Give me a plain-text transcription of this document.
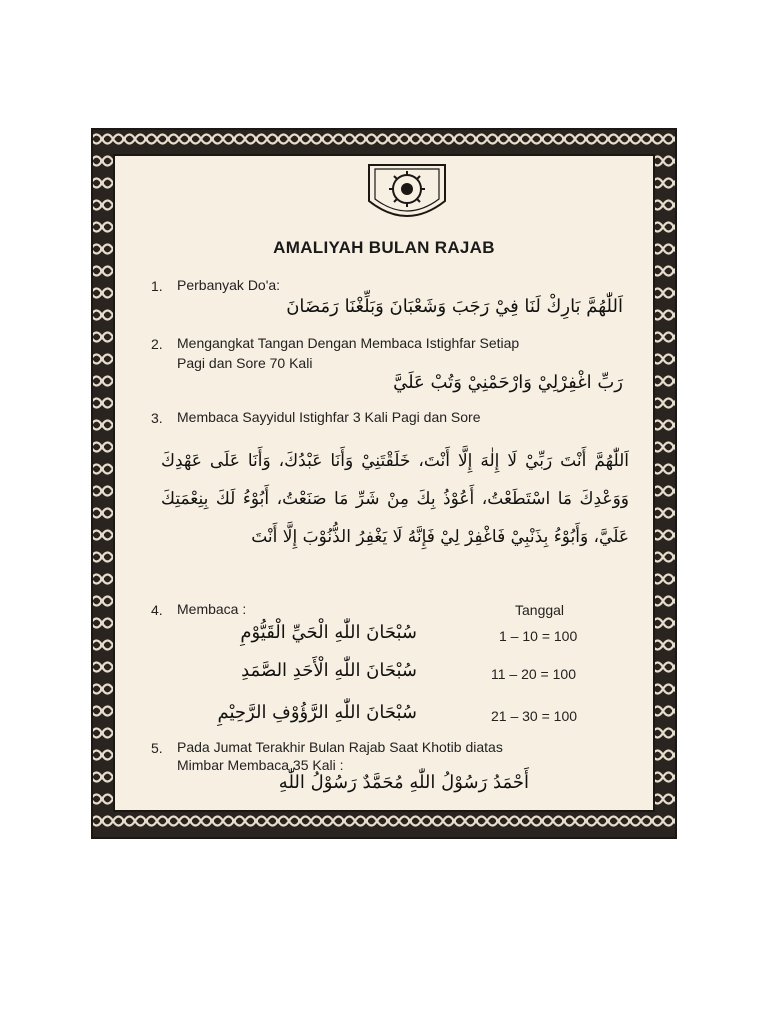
AMALIYAH BULAN RAJAB
1. Perbanyak Do'a:
اَللّٰهُمَّ بَارِكْ لَنَا فِيْ رَجَبَ وَشَعْبَانَ وَبَلِّغْنَا رَمَضَانَ
2. Mengangkat Tangan Dengan Membaca Istighfar Setiap
Pagi dan Sore 70 Kali
رَبِّ اغْفِرْلِيْ وَارْحَمْنِيْ وَتُبْ عَلَيَّ
3. Membaca Sayyidul Istighfar 3 Kali Pagi dan Sore
اَللّٰهُمَّ أَنْتَ رَبِّيْ لَا إِلٰهَ إِلَّا أَنْتَ، خَلَقْتَنِيْ وَأَنَا عَبْدُكَ، وَأَنَا عَلَى عَهْدِكَ وَوَعْدِكَ مَا اسْتَطَعْتُ، أَعُوْذُ بِكَ مِنْ شَرِّ مَا صَنَعْتُ، أَبُوْءُ لَكَ بِنِعْمَتِكَ عَلَيَّ، وَأَبُوْءُ بِذَنْبِيْ فَاغْفِرْ لِيْ فَإِنَّهُ لَا يَغْفِرُ الذُّنُوْبَ إِلَّا أَنْتَ
4. Membaca :	Tanggal
سُبْحَانَ اللّٰهِ الْحَيِّ الْقَيُّوْمِ	1 – 10 = 100
سُبْحَانَ اللّٰهِ الْأَحَدِ الصَّمَدِ	11 – 20 = 100
سُبْحَانَ اللّٰهِ الرَّؤُوْفِ الرَّحِيْمِ	21 – 30 = 100
5. Pada Jumat Terakhir Bulan Rajab Saat Khotib diatas
Mimbar Membaca 35 Kali :
أَحْمَدُ رَسُوْلُ اللّٰهِ مُحَمَّدٌ رَسُوْلُ اللّٰهِ
